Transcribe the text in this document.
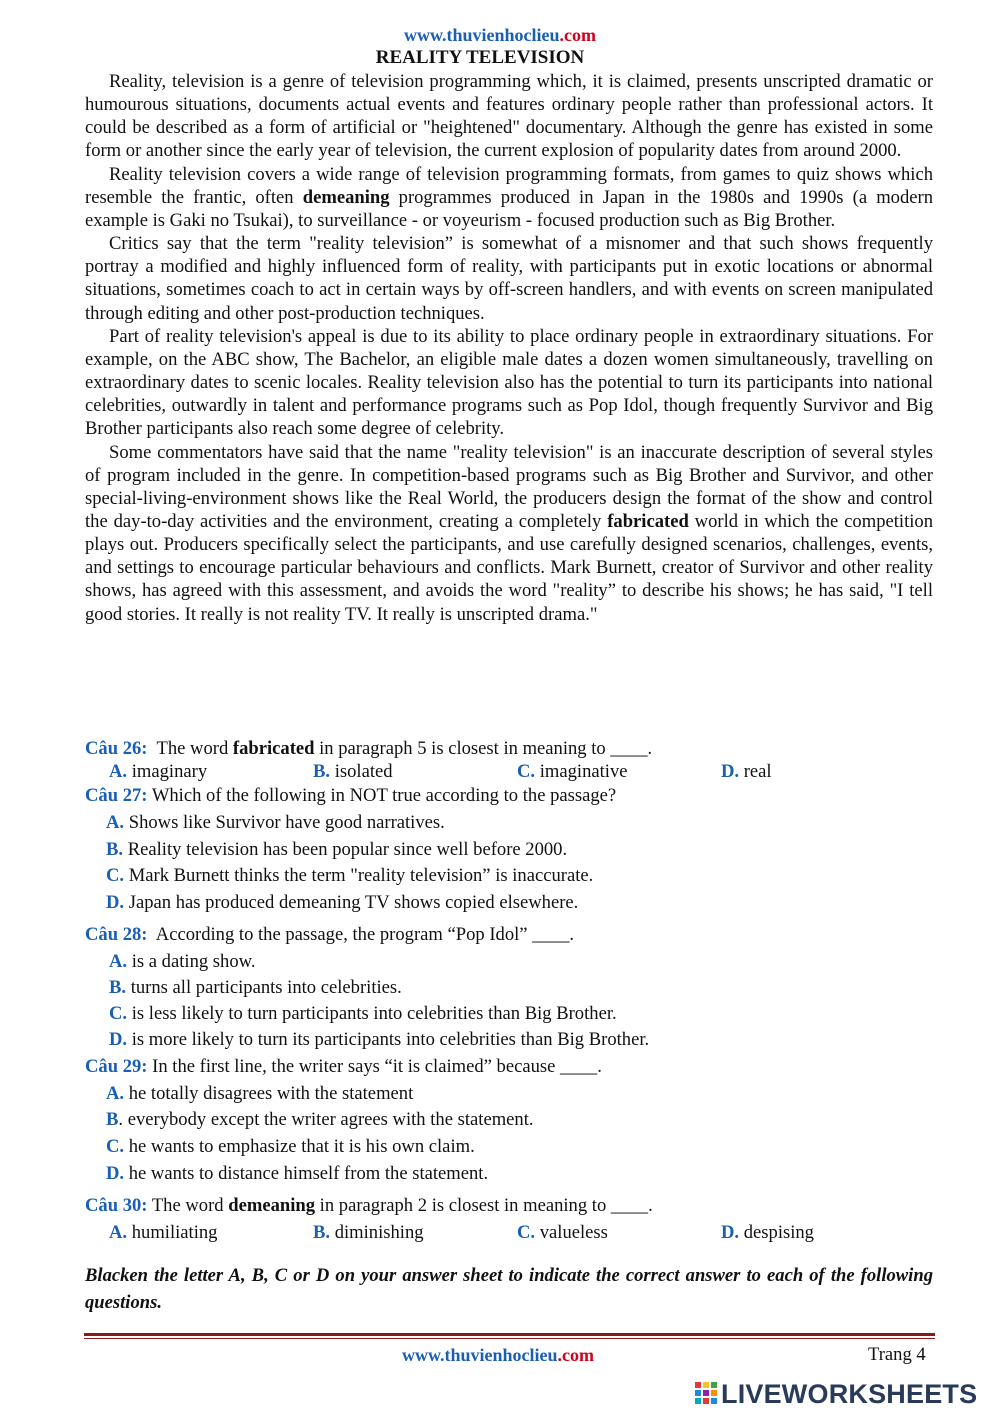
www.thuvienhoclieu.com
REALITY TELEVISION

Reality, television is a genre of television programming which, it is claimed, presents unscripted dramatic or humourous situations, documents actual events and features ordinary people rather than professional actors. It could be described as a form of artificial or "heightened" documentary. Although the genre has existed in some form or another since the early year of television, the current explosion of popularity dates from around 2000.

Reality television covers a wide range of television programming formats, from games to quiz shows which resemble the frantic, often demeaning programmes produced in Japan in the 1980s and 1990s (a modern example is Gaki no Tsukai), to surveillance - or voyeurism - focused production such as Big Brother.

Critics say that the term "reality television” is somewhat of a misnomer and that such shows frequently portray a modified and highly influenced form of reality, with participants put in exotic locations or abnormal situations, sometimes coach to act in certain ways by off-screen handlers, and with events on screen manipulated through editing and other post-production techniques.

Part of reality television's appeal is due to its ability to place ordinary people in extraordinary situations. For example, on the ABC show, The Bachelor, an eligible male dates a dozen women simultaneously, travelling on extraordinary dates to scenic locales. Reality television also has the potential to turn its participants into national celebrities, outwardly in talent and performance programs such as Pop Idol, though frequently Survivor and Big Brother participants also reach some degree of celebrity.

Some commentators have said that the name "reality television" is an inaccurate description of several styles of program included in the genre. In competition-based programs such as Big Brother and Survivor, and other special-living-environment shows like the Real World, the producers design the format of the show and control the day-to-day activities and the environment, creating a completely fabricated world in which the competition plays out. Producers specifically select the participants, and use carefully designed scenarios, challenges, events, and settings to encourage particular behaviours and conflicts. Mark Burnett, creator of Survivor and other reality shows, has agreed with this assessment, and avoids the word "reality” to describe his shows; he has said, "I tell good stories. It really is not reality TV. It really is unscripted drama."

Câu 26: The word fabricated in paragraph 5 is closest in meaning to ____.
A. imaginary	B. isolated	C. imaginative	D. real
Câu 27: Which of the following in NOT true according to the passage?
A. Shows like Survivor have good narratives.
B. Reality television has been popular since well before 2000.
C. Mark Burnett thinks the term "reality television” is inaccurate.
D. Japan has produced demeaning TV shows copied elsewhere.
Câu 28: According to the passage, the program “Pop Idol” ____.
A. is a dating show.
B. turns all participants into celebrities.
C. is less likely to turn participants into celebrities than Big Brother.
D. is more likely to turn its participants into celebrities than Big Brother.
Câu 29: In the first line, the writer says “it is claimed” because ____.
A. he totally disagrees with the statement
B. everybody except the writer agrees with the statement.
C. he wants to emphasize that it is his own claim.
D. he wants to distance himself from the statement.
Câu 30: The word demeaning in paragraph 2 is closest in meaning to ____.
A. humiliating	B. diminishing	C. valueless	D. despising
Blacken the letter A, B, C or D on your answer sheet to indicate the correct answer to each of the following questions.
www.thuvienhoclieu.com	Trang 4
LIVEWORKSHEETS
